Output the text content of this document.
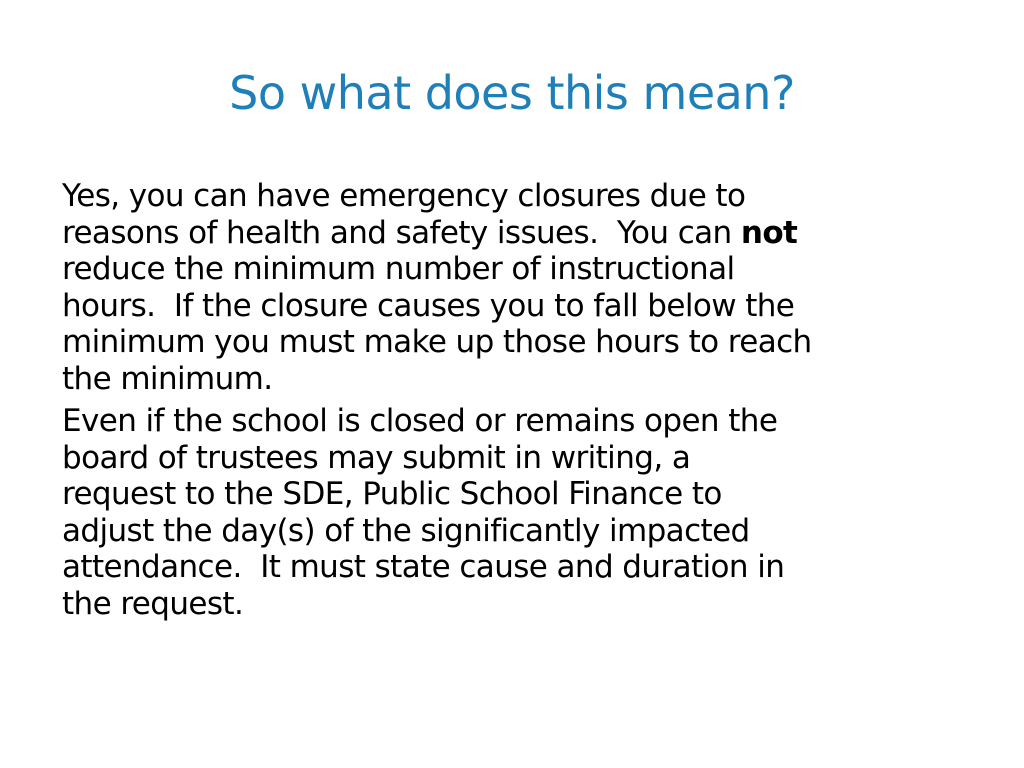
So what does this mean?

Yes, you can have emergency closures due to
reasons of health and safety issues.  You can not
reduce the minimum number of instructional
hours.  If the closure causes you to fall below the
minimum you must make up those hours to reach
the minimum.

Even if the school is closed or remains open the
board of trustees may submit in writing, a
request to the SDE, Public School Finance to
adjust the day(s) of the significantly impacted
attendance.  It must state cause and duration in
the request.
